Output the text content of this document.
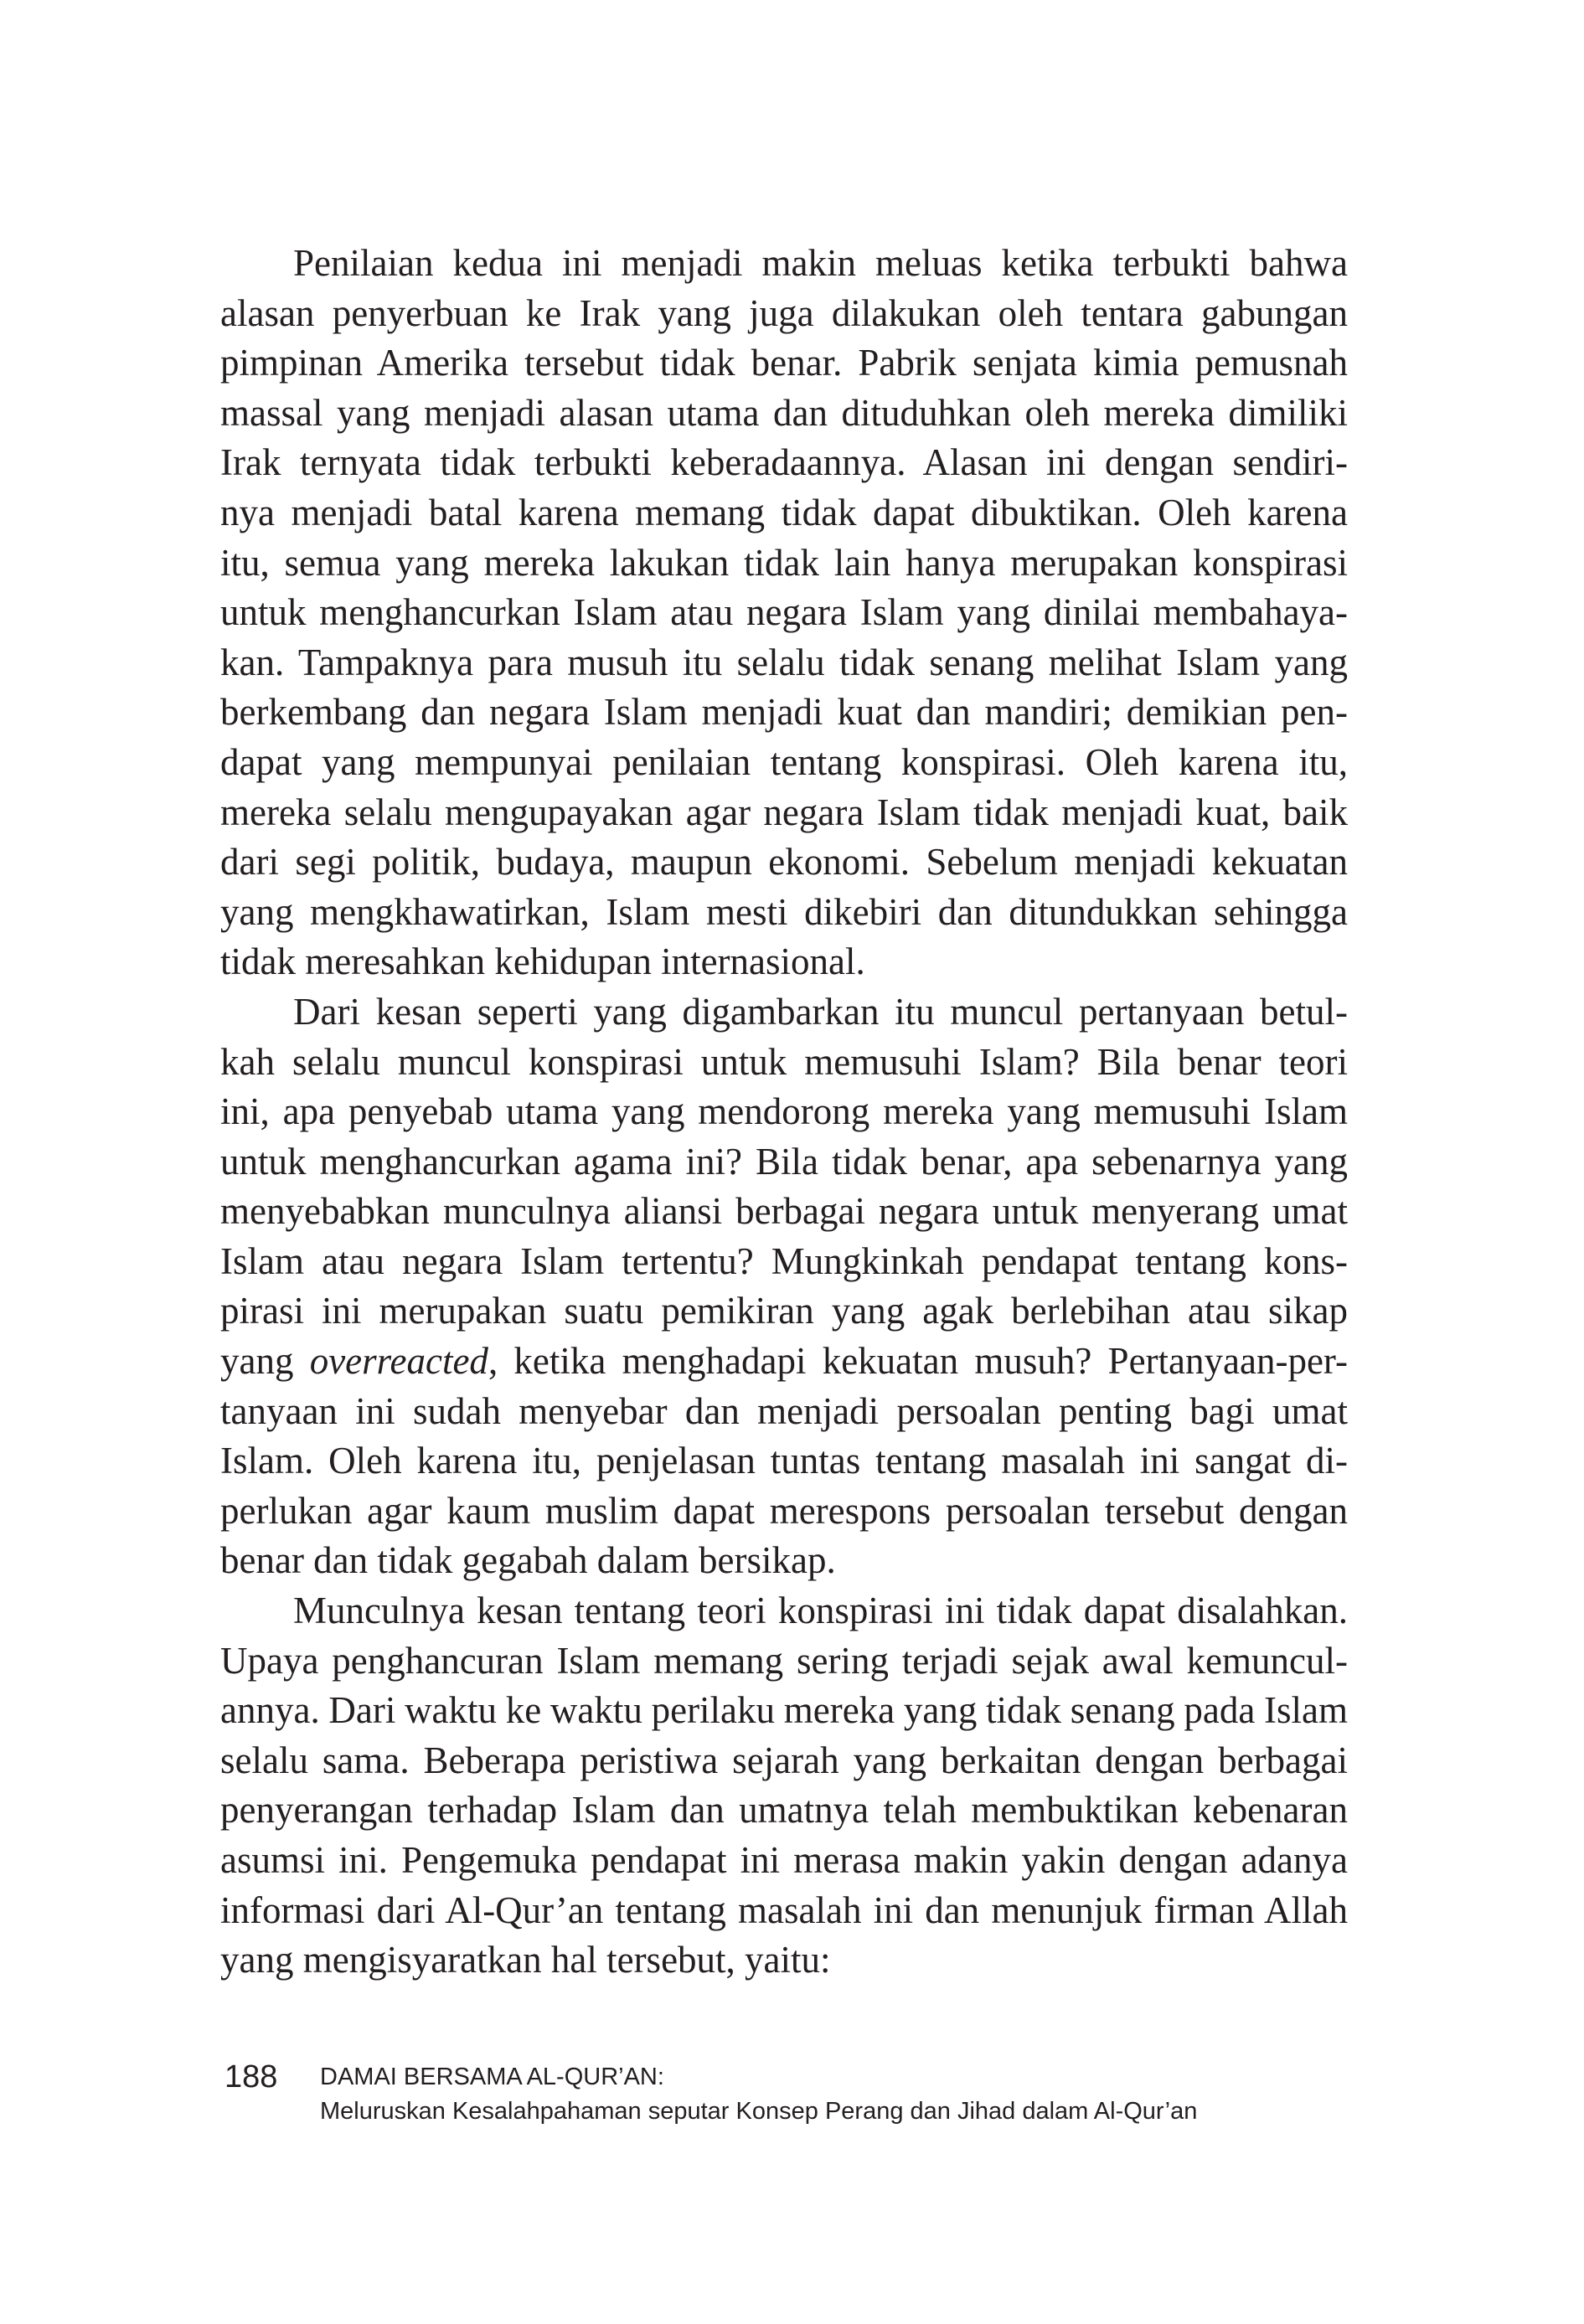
Penilaian kedua ini menjadi makin meluas ketika terbukti bahwa
alasan penyerbuan ke Irak yang juga dilakukan oleh tentara gabungan
pimpinan Amerika tersebut tidak benar. Pabrik senjata kimia pemusnah
massal yang menjadi alasan utama dan dituduhkan oleh mereka dimiliki
Irak ternyata tidak terbukti keberadaannya. Alasan ini dengan sendiri-
nya menjadi batal karena memang tidak dapat dibuktikan. Oleh karena
itu, semua yang mereka lakukan tidak lain hanya merupakan konspirasi
untuk menghancurkan Islam atau negara Islam yang dinilai membahaya-
kan. Tampaknya para musuh itu selalu tidak senang melihat Islam yang
berkembang dan negara Islam menjadi kuat dan mandiri; demikian pen-
dapat yang mempunyai penilaian tentang konspirasi. Oleh karena itu,
mereka selalu mengupayakan agar negara Islam tidak menjadi kuat, baik
dari segi politik, budaya, maupun ekonomi. Sebelum menjadi kekuatan
yang mengkhawatirkan, Islam mesti dikebiri dan ditundukkan sehingga
tidak meresahkan kehidupan internasional.
Dari kesan seperti yang digambarkan itu muncul pertanyaan betul-
kah selalu muncul konspirasi untuk memusuhi Islam? Bila benar teori
ini, apa penyebab utama yang mendorong mereka yang memusuhi Islam
untuk menghancurkan agama ini? Bila tidak benar, apa sebenarnya yang
menyebabkan munculnya aliansi berbagai negara untuk menyerang umat
Islam atau negara Islam tertentu? Mungkinkah pendapat tentang kons-
pirasi ini merupakan suatu pemikiran yang agak berlebihan atau sikap
yang overreacted, ketika menghadapi kekuatan musuh? Pertanyaan-per-
tanyaan ini sudah menyebar dan menjadi persoalan penting bagi umat
Islam. Oleh karena itu, penjelasan tuntas tentang masalah ini sangat di-
perlukan agar kaum muslim dapat merespons persoalan tersebut dengan
benar dan tidak gegabah dalam bersikap.
Munculnya kesan tentang teori konspirasi ini tidak dapat disalahkan.
Upaya penghancuran Islam memang sering terjadi sejak awal kemuncul-
annya. Dari waktu ke waktu perilaku mereka yang tidak senang pada Islam
selalu sama. Beberapa peristiwa sejarah yang berkaitan dengan berbagai
penyerangan terhadap Islam dan umatnya telah membuktikan kebenaran
asumsi ini. Pengemuka pendapat ini merasa makin yakin dengan adanya
informasi dari Al-Qur’an tentang masalah ini dan menunjuk firman Allah
yang mengisyaratkan hal tersebut, yaitu:
188 DAMAI BERSAMA AL-QUR’AN:
Meluruskan Kesalahpahaman seputar Konsep Perang dan Jihad dalam Al-Qur’an
